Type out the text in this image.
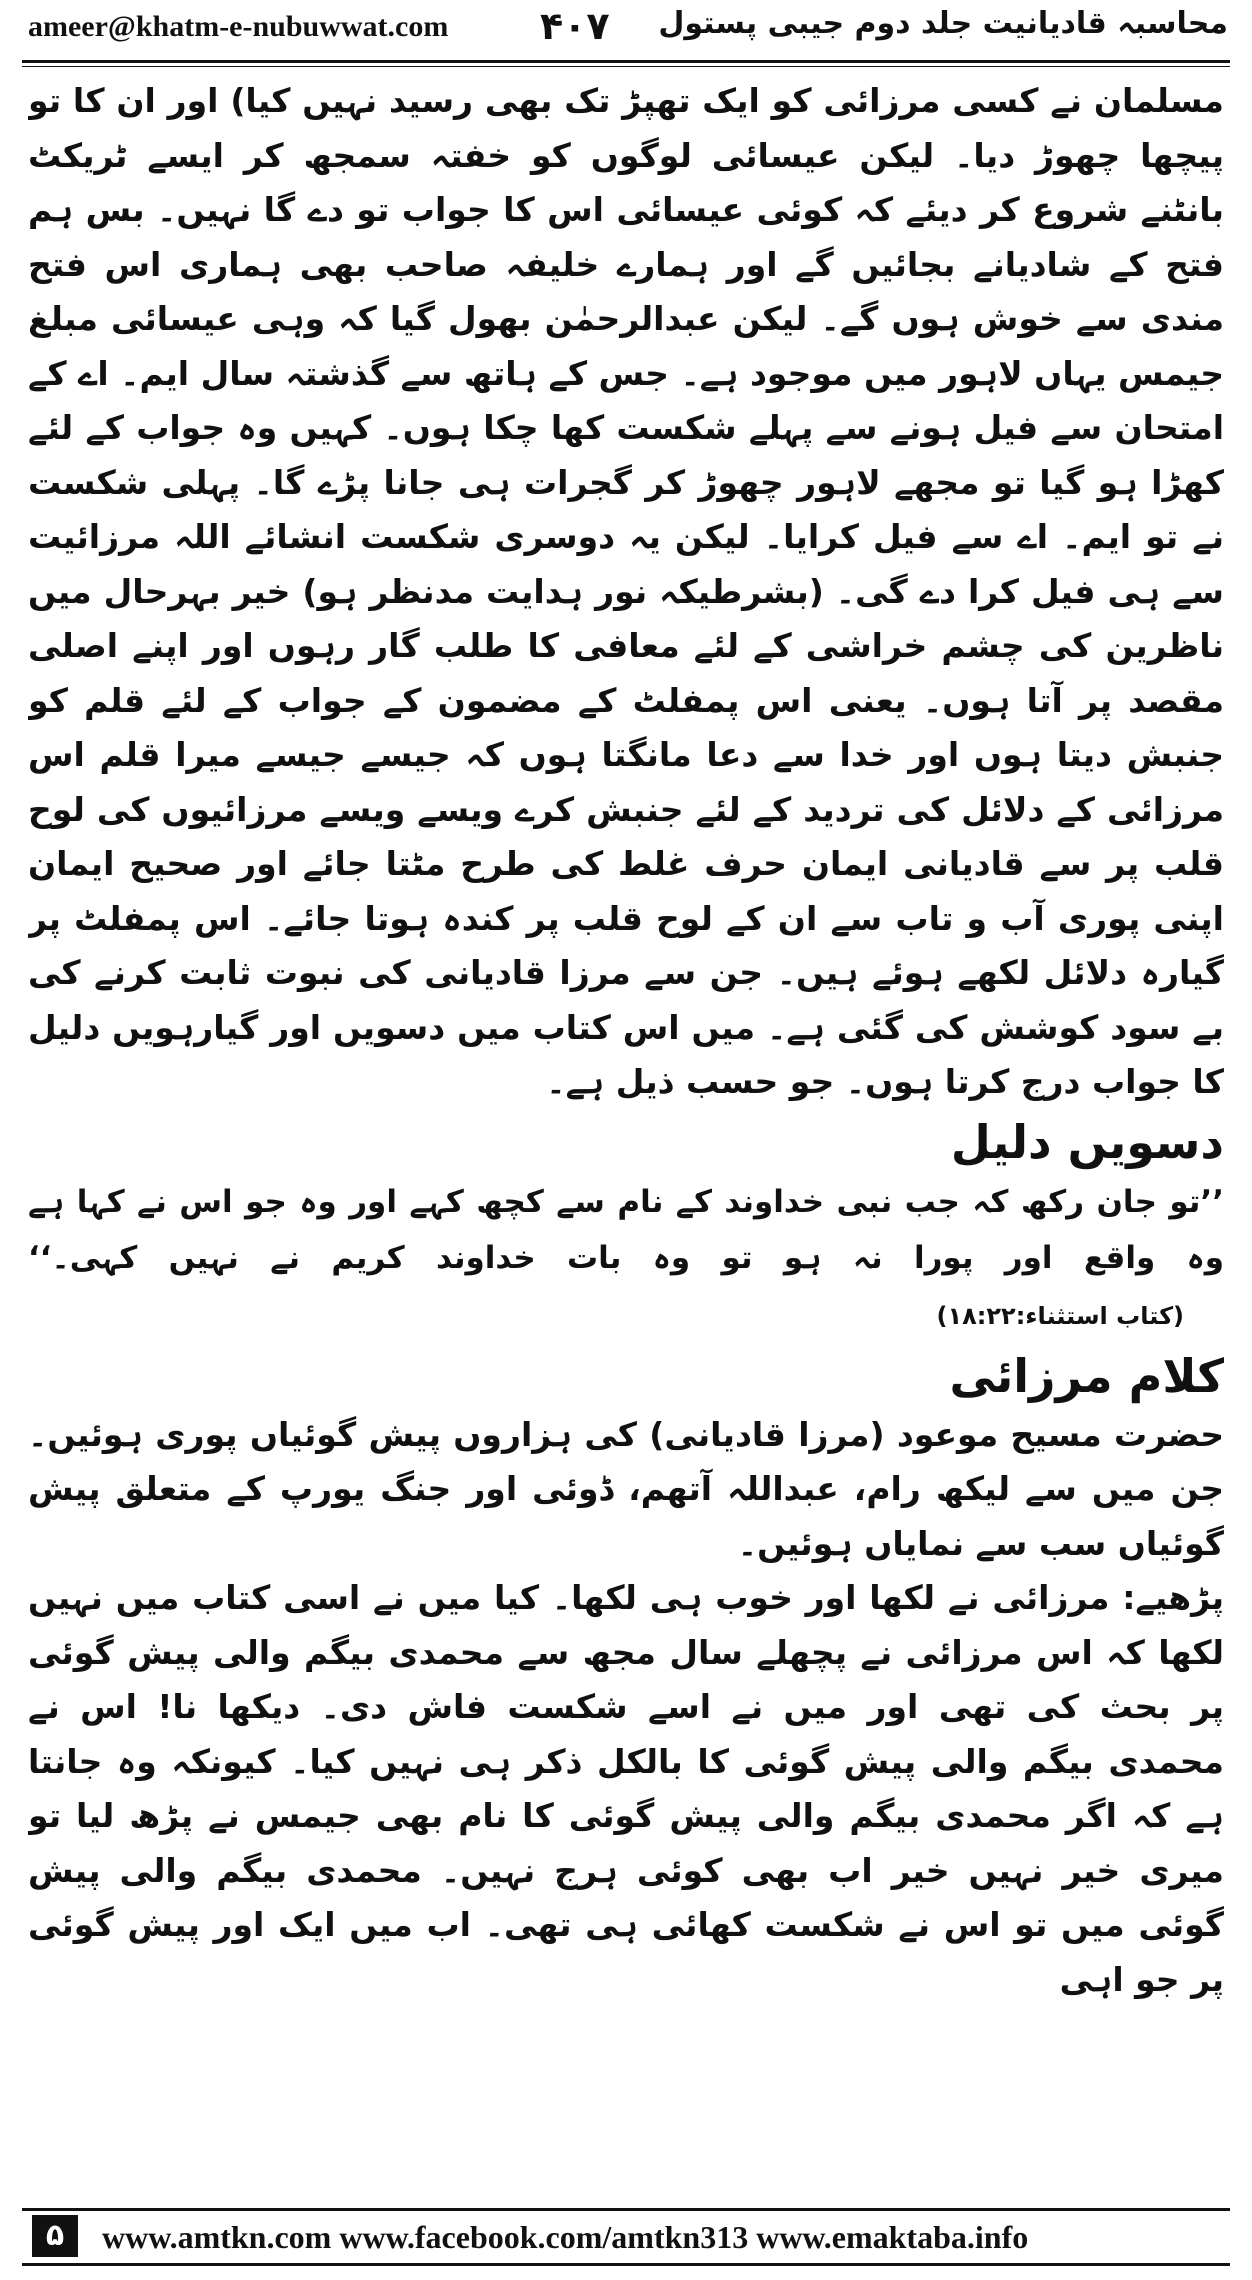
ameer@khatm-e-nubuwwat.com ۴۰۷ محاسبہ قادیانیت جلد دوم جیبی پستول

مسلمان نے کسی مرزائی کو ایک تھپڑ تک بھی رسید نہیں کیا) اور ان کا تو پیچھا چھوڑ دیا۔ لیکن عیسائی لوگوں کو خفتہ سمجھ کر ایسے ٹریکٹ بانٹنے شروع کر دیئے کہ کوئی عیسائی اس کا جواب تو دے گا نہیں۔ بس ہم فتح کے شادیانے بجائیں گے اور ہمارے خلیفہ صاحب بھی ہماری اس فتح مندی سے خوش ہوں گے۔ لیکن عبدالرحمٰن بھول گیا کہ وہی عیسائی مبلغ جیمس یہاں لاہور میں موجود ہے۔ جس کے ہاتھ سے گذشتہ سال ایم۔ اے کے امتحان سے فیل ہونے سے پہلے شکست کھا چکا ہوں۔ کہیں وہ جواب کے لئے کھڑا ہو گیا تو مجھے لاہور چھوڑ کر گجرات ہی جانا پڑے گا۔ پہلی شکست نے تو ایم۔ اے سے فیل کرایا۔ لیکن یہ دوسری شکست انشائے اللہ مرزائیت سے ہی فیل کرا دے گی۔ (بشرطیکہ نور ہدایت مدنظر ہو) خیر بہرحال میں ناظرین کی چشم خراشی کے لئے معافی کا طلب گار رہوں اور اپنے اصلی مقصد پر آتا ہوں۔ یعنی اس پمفلٹ کے مضمون کے جواب کے لئے قلم کو جنبش دیتا ہوں اور خدا سے دعا مانگتا ہوں کہ جیسے جیسے میرا قلم اس مرزائی کے دلائل کی تردید کے لئے جنبش کرے ویسے ویسے مرزائیوں کی لوح قلب پر سے قادیانی ایمان حرف غلط کی طرح مٹتا جائے اور صحیح ایمان اپنی پوری آب و تاب سے ان کے لوح قلب پر کندہ ہوتا جائے۔ اس پمفلٹ پر گیارہ دلائل لکھے ہوئے ہیں۔ جن سے مرزا قادیانی کی نبوت ثابت کرنے کی بے سود کوشش کی گئی ہے۔ میں اس کتاب میں دسویں اور گیارہویں دلیل کا جواب درج کرتا ہوں۔ جو حسب ذیل ہے۔

دسویں دلیل

’’تو جان رکھ کہ جب نبی خداوند کے نام سے کچھ کہے اور وہ جو اس نے کہا ہے وہ واقع اور پورا نہ ہو تو وہ بات خداوند کریم نے نہیں کہی۔‘‘ (کتاب استثناء:۱۸:۲۲)

کلام مرزائی

حضرت مسیح موعود (مرزا قادیانی) کی ہزاروں پیش گوئیاں پوری ہوئیں۔ جن میں سے لیکھ رام، عبداللہ آتھم، ڈوئی اور جنگ یورپ کے متعلق پیش گوئیاں سب سے نمایاں ہوئیں۔

پڑھیے: مرزائی نے لکھا اور خوب ہی لکھا۔ کیا میں نے اسی کتاب میں نہیں لکھا کہ اس مرزائی نے پچھلے سال مجھ سے محمدی بیگم والی پیش گوئی پر بحث کی تھی اور میں نے اسے شکست فاش دی۔ دیکھا نا! اس نے محمدی بیگم والی پیش گوئی کا بالکل ذکر ہی نہیں کیا۔ کیونکہ وہ جانتا ہے کہ اگر محمدی بیگم والی پیش گوئی کا نام بھی جیمس نے پڑھ لیا تو میری خیر نہیں خیر اب بھی کوئی ہرج نہیں۔ محمدی بیگم والی پیش گوئی میں تو اس نے شکست کھائی ہی تھی۔ اب میں ایک اور پیش گوئی پر جو اہی

۵	www.amtkn.com www.facebook.com/amtkn313 www.emaktaba.info
